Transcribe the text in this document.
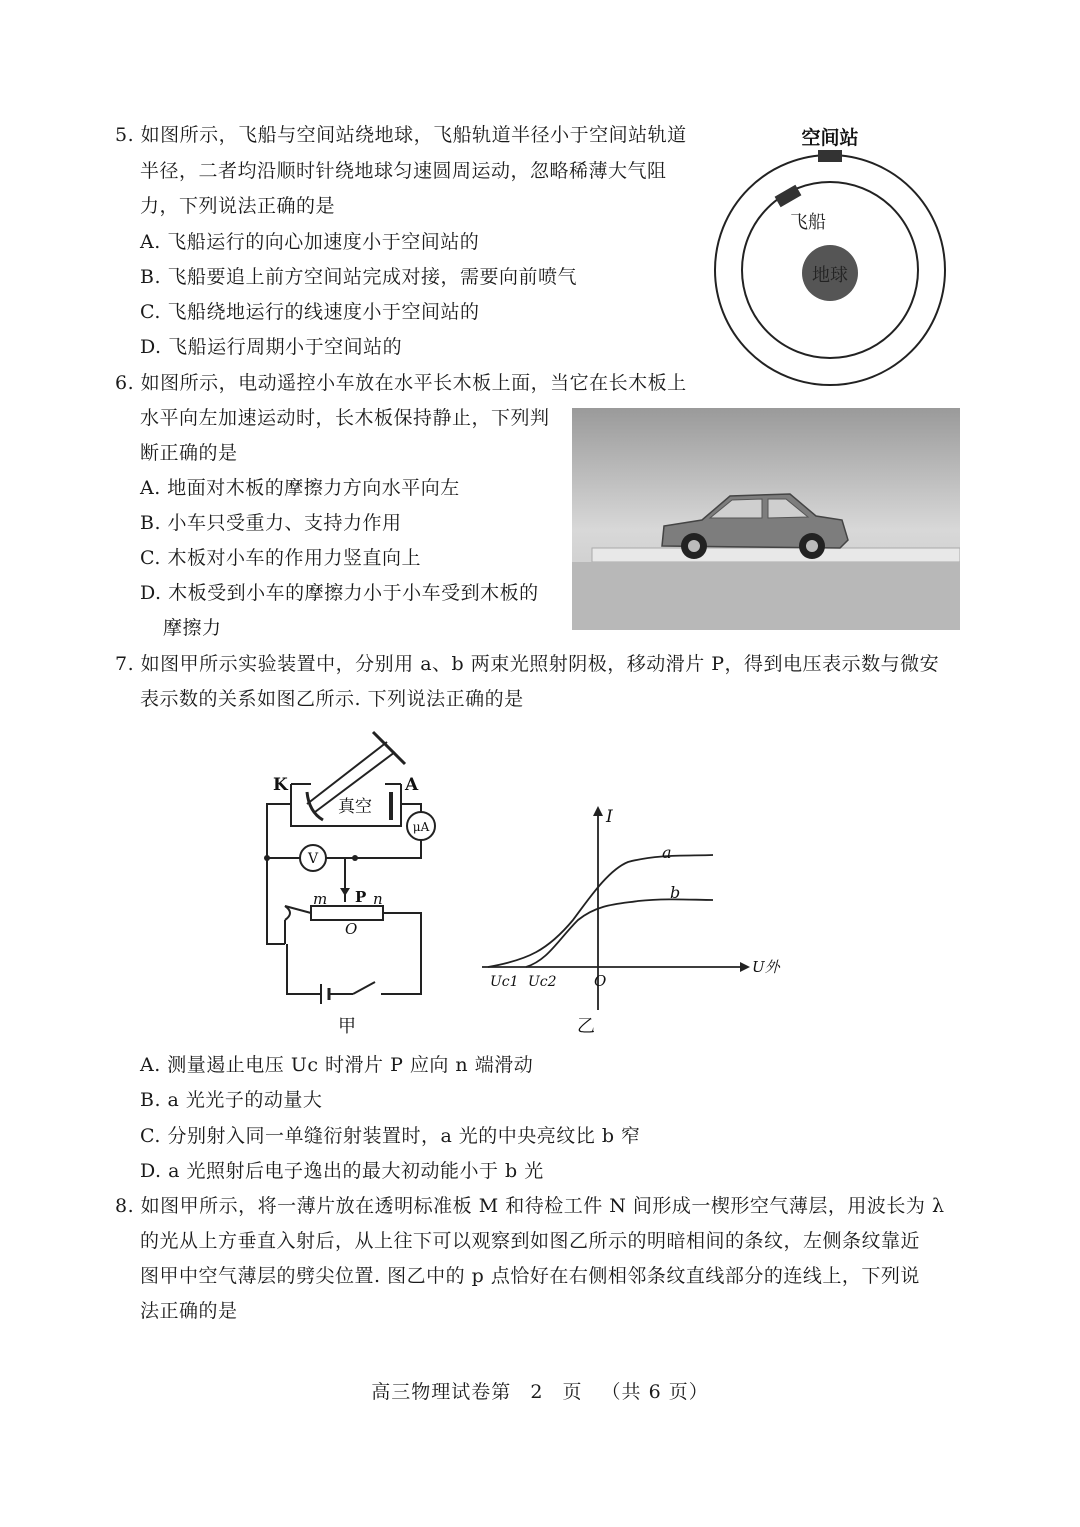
5. 如图所示，飞船与空间站绕地球，飞船轨道半径小于空间站轨道
半径，二者均沿顺时针绕地球匀速圆周运动，忽略稀薄大气阻
力，下列说法正确的是
A. 飞船运行的向心加速度小于空间站的
B. 飞船要追上前方空间站完成对接，需要向前喷气
C. 飞船绕地运行的线速度小于空间站的
D. 飞船运行周期小于空间站的
地球
空间站
飞船
6. 如图所示，电动遥控小车放在水平长木板上面，当它在长木板上
水平向左加速运动时，长木板保持静止，下列判
断正确的是
A. 地面对木板的摩擦力方向水平向左
B. 小车只受重力、支持力作用
C. 木板对小车的作用力竖直向上
D. 木板受到小车的摩擦力小于小车受到木板的
摩擦力
7. 如图甲所示实验装置中，分别用 a、b 两束光照射阴极，移动滑片 P，得到电压表示数与微安
表示数的关系如图乙所示. 下列说法正确的是
K	A
真空
μA
V
m P n
O
甲
I
U外
a
b
Uc1 Uc2 O
乙
A. 测量遏止电压 Uc 时滑片 P 应向 n 端滑动
B. a 光光子的动量大
C. 分别射入同一单缝衍射装置时，a 光的中央亮纹比 b 窄
D. a 光照射后电子逸出的最大初动能小于 b 光
8. 如图甲所示，将一薄片放在透明标准板 M 和待检工件 N 间形成一楔形空气薄层，用波长为 λ
的光从上方垂直入射后，从上往下可以观察到如图乙所示的明暗相间的条纹，左侧条纹靠近
图甲中空气薄层的劈尖位置. 图乙中的 p 点恰好在右侧相邻条纹直线部分的连线上，下列说
法正确的是
高三物理试卷第 2 页 （共 6 页）
